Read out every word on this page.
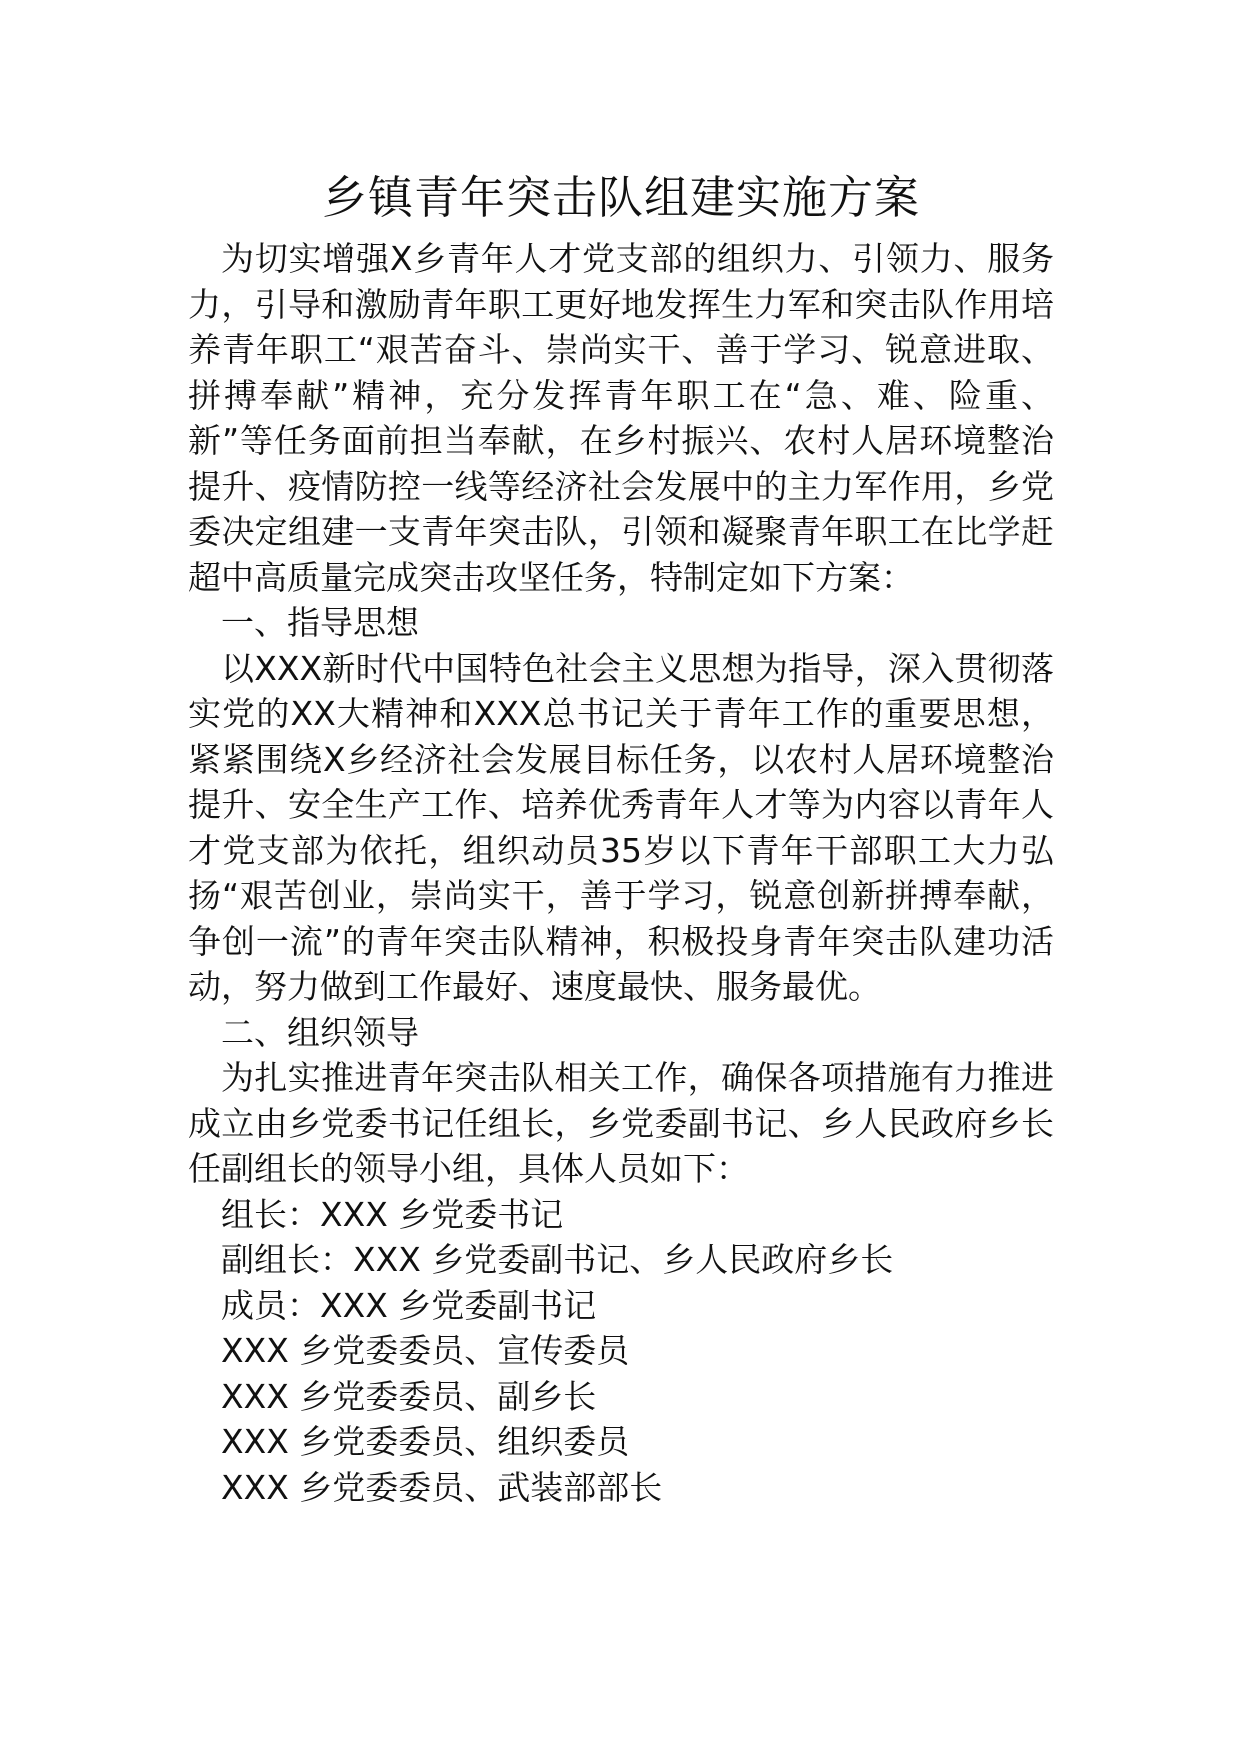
乡镇青年突击队组建实施方案

为切实增强X乡青年人才党支部的组织力、引领力、服务力，引导和激励青年职工更好地发挥生力军和突击队作用培养青年职工“艰苦奋斗、崇尚实干、善于学习、锐意进取、拼搏奉献”精神，充分发挥青年职工在“急、难、险重、新”等任务面前担当奉献，在乡村振兴、农村人居环境整治提升、疫情防控一线等经济社会发展中的主力军作用，乡党委决定组建一支青年突击队，引领和凝聚青年职工在比学赶超中高质量完成突击攻坚任务，特制定如下方案：

一、指导思想

以XXX新时代中国特色社会主义思想为指导，深入贯彻落实党的XX大精神和XXX总书记关于青年工作的重要思想，紧紧围绕X乡经济社会发展目标任务，以农村人居环境整治提升、安全生产工作、培养优秀青年人才等为内容以青年人才党支部为依托，组织动员35岁以下青年干部职工大力弘扬“艰苦创业，崇尚实干，善于学习，锐意创新拼搏奉献，争创一流”的青年突击队精神，积极投身青年突击队建功活动，努力做到工作最好、速度最快、服务最优。

二、组织领导

为扎实推进青年突击队相关工作，确保各项措施有力推进成立由乡党委书记任组长，乡党委副书记、乡人民政府乡长任副组长的领导小组，具体人员如下：

组长：XXX 乡党委书记

副组长：XXX 乡党委副书记、乡人民政府乡长

成员：XXX 乡党委副书记

XXX 乡党委委员、宣传委员

XXX 乡党委委员、副乡长

XXX 乡党委委员、组织委员

XXX 乡党委委员、武装部部长
